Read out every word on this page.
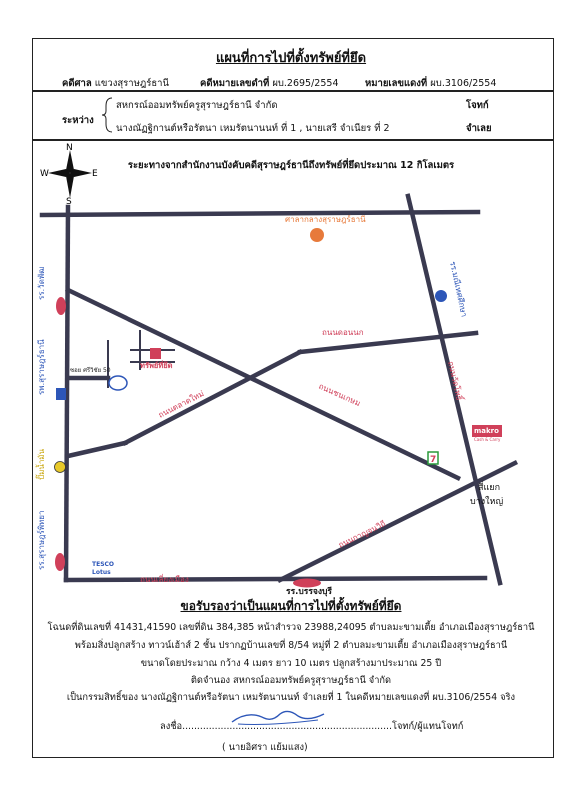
แผนที่การไปที่ตั้งทรัพย์ที่ยึด
คดีศาล แขวงสุราษฎร์ธานี	คดีหมายเลขดำที่ ผบ.2695/2554	หมายเลขแดงที่ ผบ.3106/2554
ระหว่าง
สหกรณ์ออมทรัพย์ครูสุราษฎร์ธานี จำกัด	โจทก์
นางณัฏฐิกานต์หรือรัตนา เหมรัตนานนท์ ที่ 1 , นายเสรี จำเนียร ที่ 2	จำเลย
ระยะทางจากสำนักงานบังคับคดีสุราษฎร์ธานีถึงทรัพย์ที่ยึดประมาณ 12 กิโลเมตร
N
S
E
W
ศาลากลางสุราษฎร์ธานี
รร.มณีเทศศึกษา
รร.วัดพัฒ
รพ.สุราษฎร์ธานี
ปั๊มน้ำมัน
รร.สุราษฎร์พิทยา
ทรัพย์ที่ยึด
ซอย ศรีวิชัย 50
ถนนดอนนก
ถนนชนเกษม
ถนนตลาดใหม่
ถนนวัดโพธิ์
ถนนกาญจนวิถี
ถนนเลี่ยงเมือง
makro
Cash & Carry
7
สี่แยก
บางใหญ่
TESCO
Lotus
รร.บรรจงบุรี
ขอรับรองว่าเป็นแผนที่การไปที่ตั้งทรัพย์ที่ยึด
โฉนดที่ดินเลขที่ 41431,41590 เลขที่ดิน 384,385 หน้าสำรวจ 23988,24095 ตำบลมะขามเตี้ย อำเภอเมืองสุราษฎร์ธานี
พร้อมสิ่งปลูกสร้าง ทาวน์เฮ้าส์ 2 ชั้น ปรากฏบ้านเลขที่ 8/54 หมู่ที่ 2 ตำบลมะขามเตี้ย อำเภอเมืองสุราษฎร์ธานี
ขนาดโดยประมาณ กว้าง 4 เมตร ยาว 10 เมตร ปลูกสร้างมาประมาณ 25 ปี
ติดจำนอง สหกรณ์ออมทรัพย์ครูสุราษฎร์ธานี จำกัด
เป็นกรรมสิทธิ์ของ นางณัฏฐิกานต์หรือรัตนา เหมรัตนานนท์ จำเลยที่ 1 ในคดีหมายเลขแดงที่ ผบ.3106/2554 จริง
ลงชื่อ.......................................................................โจทก์/ผู้แทนโจทก์
( นายอิศรา แย้มแสง)
